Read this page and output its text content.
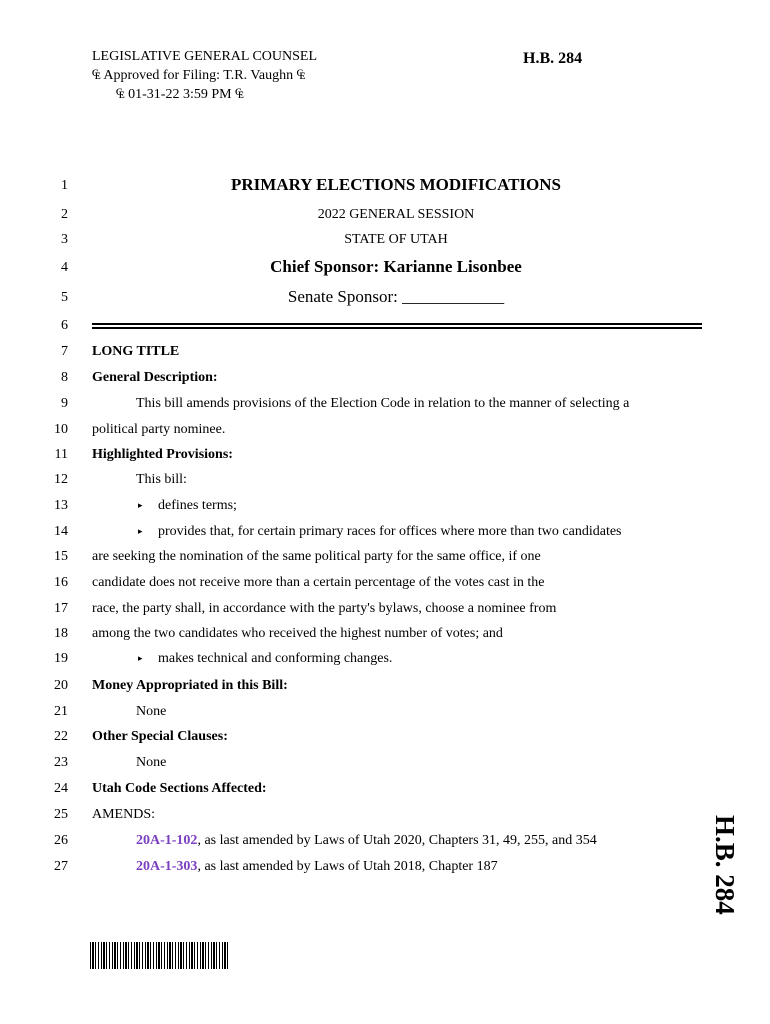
LEGISLATIVE GENERAL COUNSEL
₠ Approved for Filing: T.R. Vaughn ₠
₠ 01-31-22 3:59 PM ₠
H.B. 284
1
2
3
4
5
6
7
8
9
10
11
12
13
14
15
16
17
18
19
20
21
22
23
24
25
26
27
PRIMARY ELECTIONS MODIFICATIONS
2022 GENERAL SESSION
STATE OF UTAH
Chief Sponsor: Karianne Lisonbee
Senate Sponsor: ____________
LONG TITLE
General Description:
This bill amends provisions of the Election Code in relation to the manner of selecting a
political party nominee.
Highlighted Provisions:
This bill:
▸ defines terms;
▸ provides that, for certain primary races for offices where more than two candidates
are seeking the nomination of the same political party for the same office, if one
candidate does not receive more than a certain percentage of the votes cast in the
race, the party shall, in accordance with the party's bylaws, choose a nominee from
among the two candidates who received the highest number of votes; and
▸ makes technical and conforming changes.
Money Appropriated in this Bill:
None
Other Special Clauses:
None
Utah Code Sections Affected:
AMENDS:
20A-1-102, as last amended by Laws of Utah 2020, Chapters 31, 49, 255, and 354
20A-1-303, as last amended by Laws of Utah 2018, Chapter 187	H.B. 284
